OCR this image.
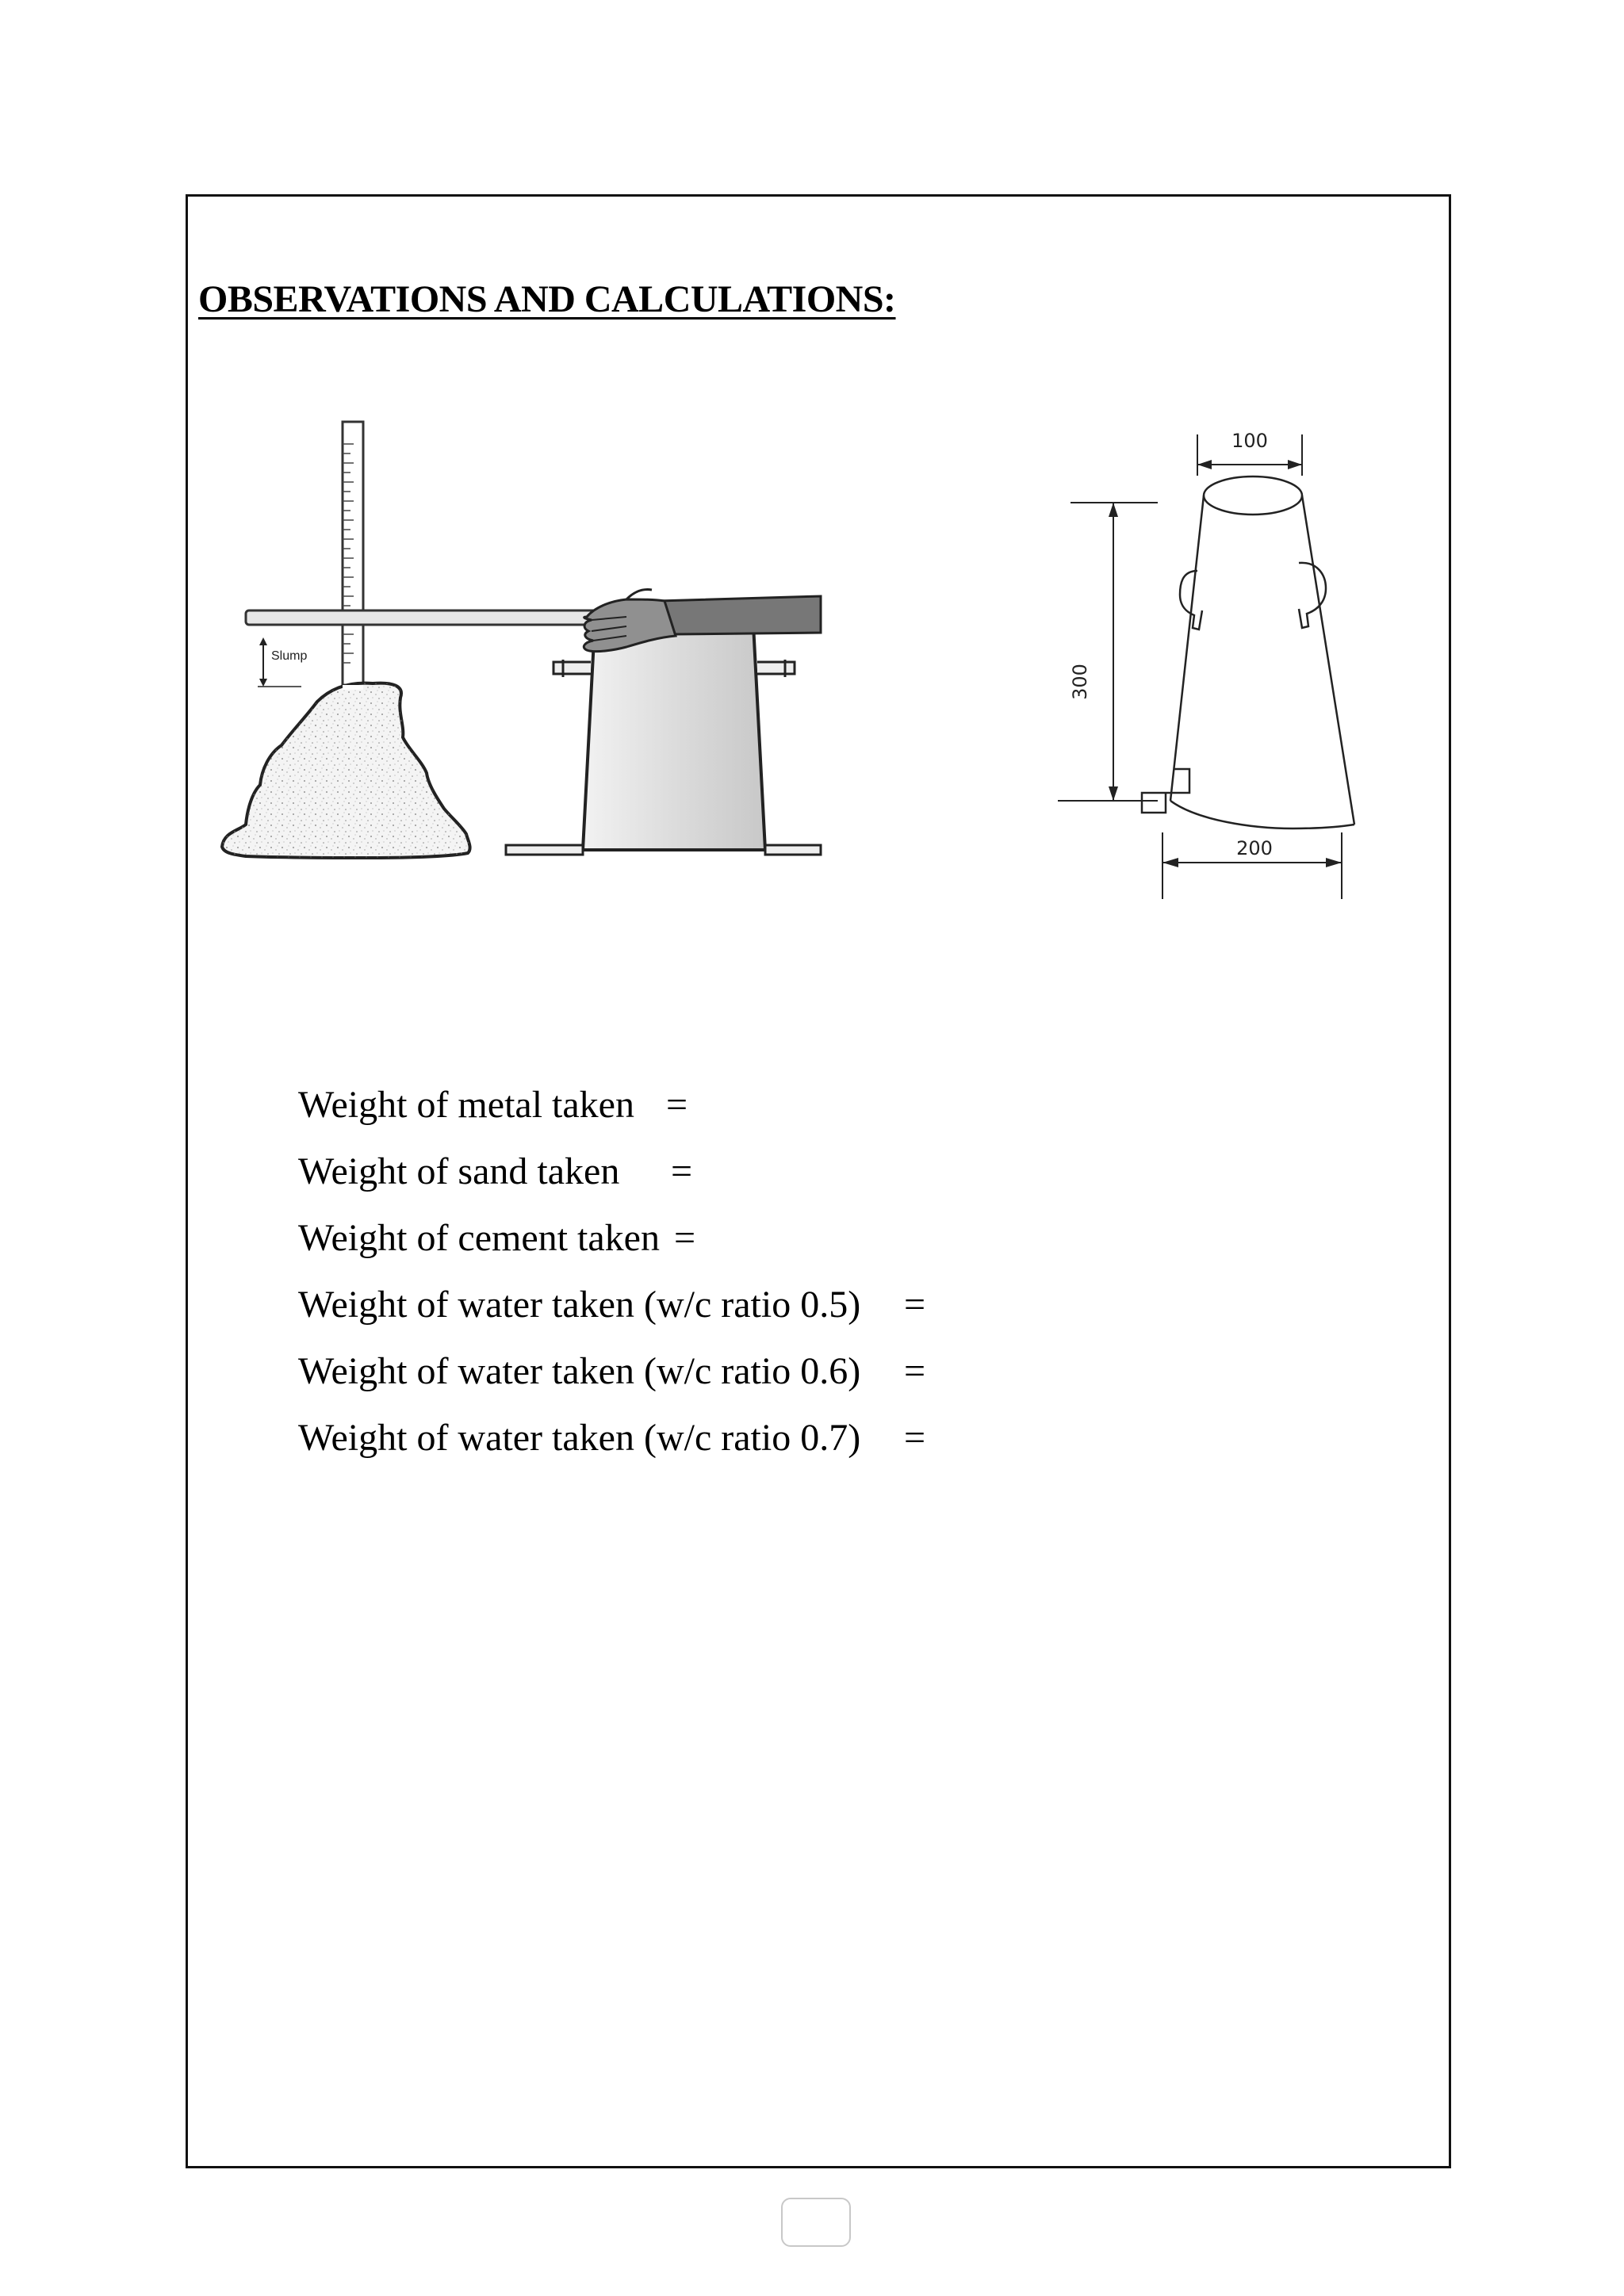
OBSERVATIONS AND CALCULATIONS:
Slump
100
300
200
Weight of metal taken =
Weight of sand taken =
Weight of cement taken =
Weight of water taken (w/c ratio 0.5) =
Weight of water taken (w/c ratio 0.6) =
Weight of water taken (w/c ratio 0.7) =
